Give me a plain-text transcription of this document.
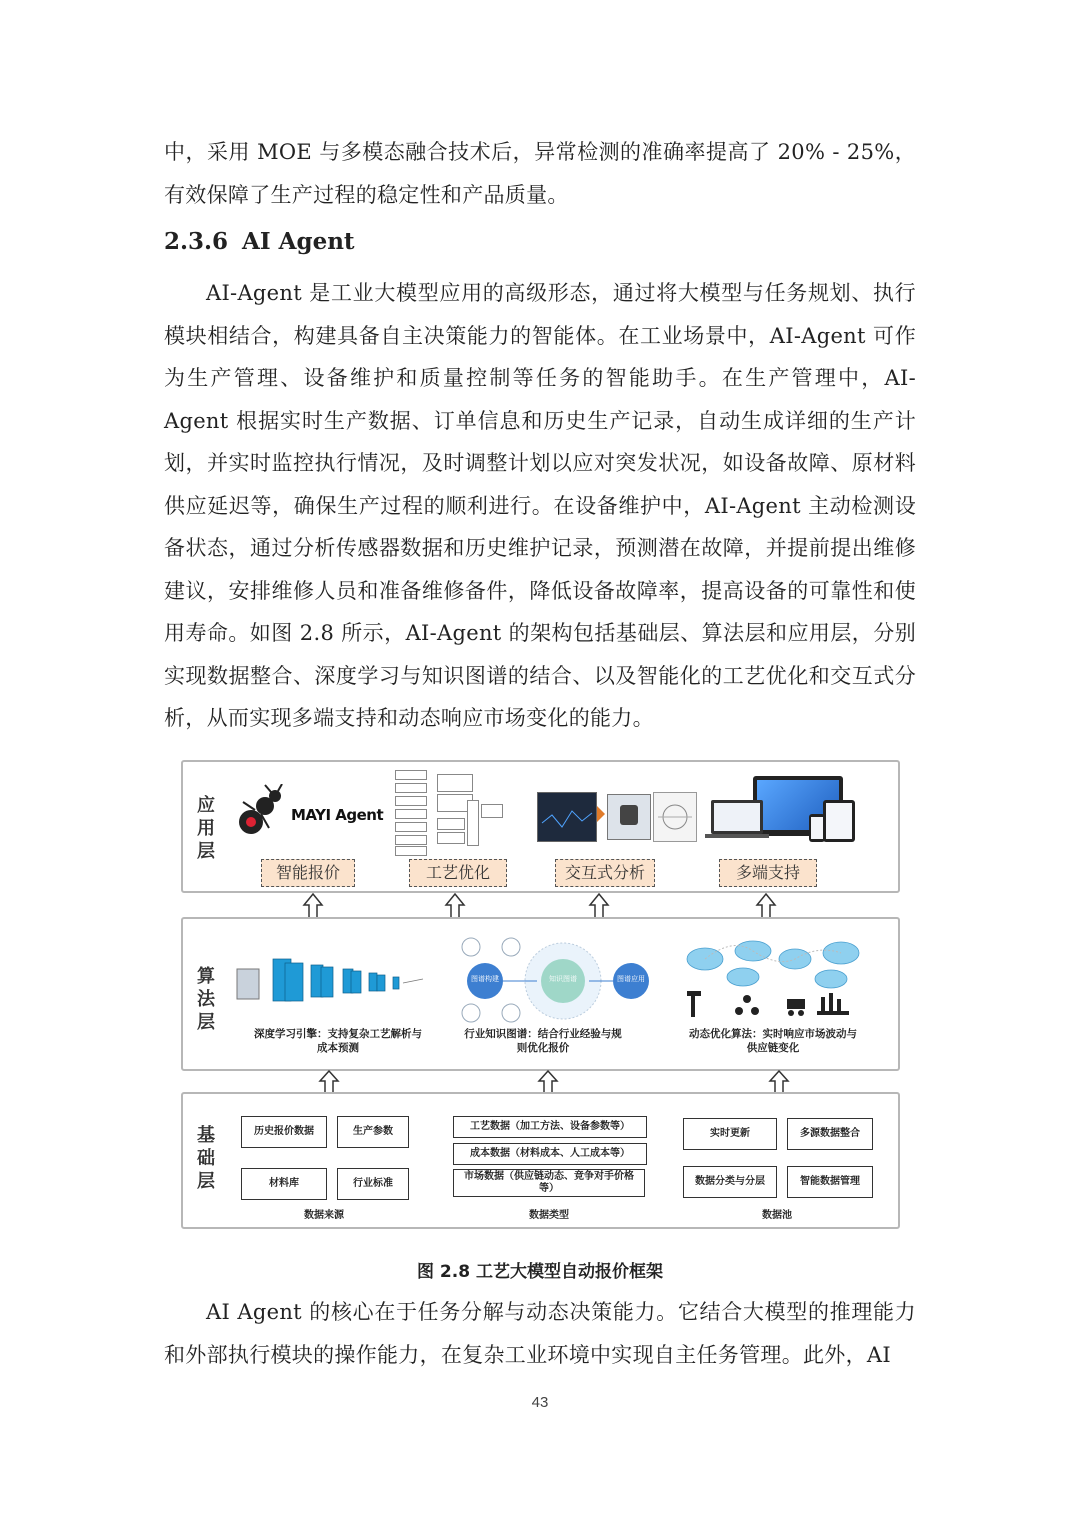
中，采用 MOE 与多模态融合技术后，异常检测的准确率提高了 20% - 25%，有效保障了生产过程的稳定性和产品质量。
2.3.6 AI Agent
AI-Agent 是工业大模型应用的高级形态，通过将大模型与任务规划、执行模块相结合，构建具备自主决策能力的智能体。在工业场景中，AI-Agent 可作为生产管理、设备维护和质量控制等任务的智能助手。在生产管理中，AI-Agent 根据实时生产数据、订单信息和历史生产记录，自动生成详细的生产计划，并实时监控执行情况，及时调整计划以应对突发状况，如设备故障、原材料供应延迟等，确保生产过程的顺利进行。在设备维护中，AI-Agent 主动检测设备状态，通过分析传感器数据和历史维护记录，预测潜在故障，并提前提出维修建议，安排维修人员和准备维修备件，降低设备故障率，提高设备的可靠性和使用寿命。如图 2.8 所示，AI-Agent 的架构包括基础层、算法层和应用层，分别实现数据整合、深度学习与知识图谱的结合、以及智能化的工艺优化和交互式分析，从而实现多端支持和动态响应市场变化的能力。
应用层
MAYI Agent
智能报价	工艺优化	交互式分析	多端支持
算法层
深度学习引擎：支持复杂工艺解析与成本预测
图谱构建	知识图谱	图谱应用
行业知识图谱：结合行业经验与规则优化报价
动态优化算法：实时响应市场波动与供应链变化
基础层
历史报价数据	生产参数
材料库	行业标准
数据来源
工艺数据（加工方法、设备参数等）
成本数据（材料成本、人工成本等）
市场数据（供应链动态、竞争对手价格等）
数据类型
实时更新	多源数据整合
数据分类与分层	智能数据管理
数据池
图 2.8 工艺大模型自动报价框架
AI Agent 的核心在于任务分解与动态决策能力。它结合大模型的推理能力和外部执行模块的操作能力，在复杂工业环境中实现自主任务管理。此外，AI
43
